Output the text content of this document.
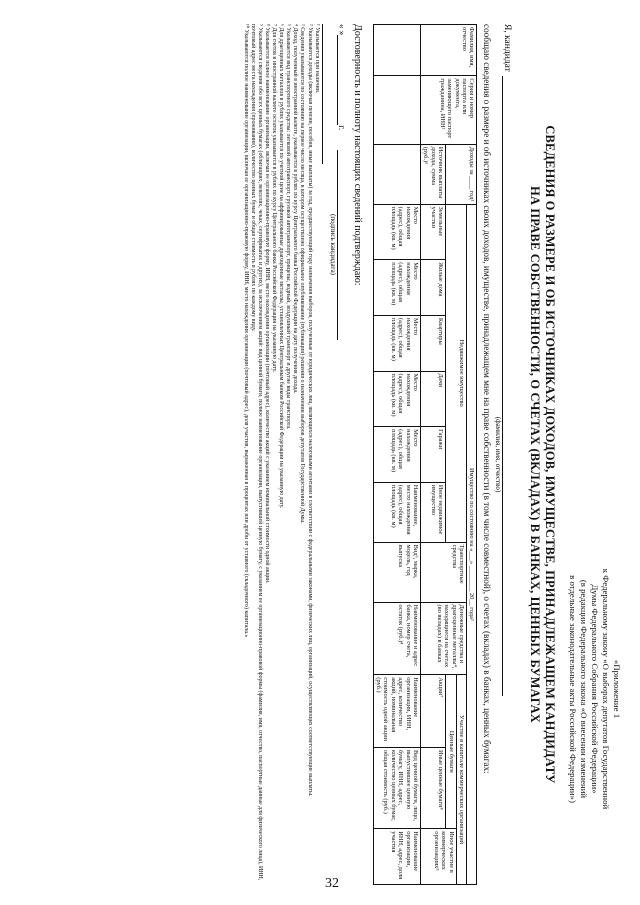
32
«Приложение 1
к Федеральному закону «О выборах депутатов Государственной
Думы Федерального Собрания Российской Федерации»
(в редакции Федерального закона «О внесении изменений
в отдельные законодательные акты Российской Федерации»)
СВЕДЕНИЯ О РАЗМЕРЕ И ОБ ИСТОЧНИКАХ ДОХОДОВ, ИМУЩЕСТВЕ, ПРИНАДЛЕЖАЩЕМ КАНДИДАТУ
НА ПРАВЕ СОБСТВЕННОСТИ, О СЧЕТАХ (ВКЛАДАХ) В БАНКАХ, ЦЕННЫХ БУМАГАХ
Я, кандидат
(фамилия, имя, отчество)
сообщаю сведения о размере и об источниках своих доходов, имуществе, принадлежащем мне на праве собственности (в том числе совместной), о счетах (вкладах) в банках, ценных бумагах:
Фамилия, имя, отчество	Серия и номер паспорта или документа, заменяющего паспорт гражданина, ИНН¹	Доходы за ____ год²	Имущество по состоянию на «___» ________ 20__ года³										
			Недвижимое имущество						Транспортные средства	Денежные средства и драгоценные металлы⁴, находящиеся на счетах (во вкладах) в банках	Участие в капитале коммерческих организаций		
											Ценные бумаги		Иное участие в коммерческих организациях⁹
		Источник выплаты дохода, сумма (руб.)⁵	Земельные участки	Жилые дома	Квартиры	Дачи	Гаражи	Иное недвижимое имущество			Акции⁷	Иные ценные бумаги⁸	
			Место нахождения (адрес), общая площадь (кв. м)	Место нахождения (адрес), общая площадь (кв. м)	Место нахождения (адрес), общая площадь (кв. м)	Место нахождения (адрес), общая площадь (кв. м)	Место нахождения (адрес), общая площадь (кв. м)	Наименование, место нахождения (адрес), общая площадь (кв. м)	Вид⁶, марка, модель, год выпуска	Наименование и адрес банка, номер счета, остаток (руб.)⁴	Наименование организации, ИНН, адрес, количество акций, номинальная стоимость одной акции (руб.)	Вид ценной бумаги, лицо, выпустившее ценную бумагу, ИНН, адрес, количество ценных бумаг, общая стоимость (руб.)	Наименование организации, ИНН, адрес, доля участия
Достоверность и полноту настоящих сведений подтверждаю:
« »
г.
(подпись кандидата)

¹ Указывается при наличии.

² Указываются доходы (включая пенсии, пособия, иные выплаты) за год, предшествующий году назначения выборов, полученные от юридических лиц, являющихся налоговыми агентами в соответствии с федеральными законами, физических лиц, организаций, осуществляющих соответствующие выплаты.

³ Сведения указываются по состоянию на первое число месяца, в котором осуществлено официальное опубликование (публикация) решения о назначении выборов депутатов Государственной Думы.

⁴ Доход, полученный в иностранной валюте, указывается в рублях по курсу Центрального банка Российской Федерации на дату получения дохода.

⁵ Указывается вид транспортного средства: легковой автотранспорт, грузовой автотранспорт, прицепы, водный, воздушный транспорт и другие виды транспорта.

⁶ Для драгоценных металлов в рублях указывается по учетной цене на аффинированные драгоценные металлы, установленных Центральным банком Российской Федерации на указанную дату.

⁷ Для счетов в иностранной валюте остаток указывается в рублях по курсу Центрального банка Российской Федерации на указанную дату.

⁸ Указывается полное наименование организации, включая ее организационно-правовую форму, ИНН, место нахождения организации (почтовый адрес), количество акций с указанием номинальной стоимости одной акции.

⁹ Указываются сведения обо всех ценных бумагах (облигациях, векселях, чеках, сертификатах и других), за исключением акций: вид ценной бумаги, полное наименование организации, выпустившей ценную бумагу, с указанием ее организационно-правовой формы (фамилия, имя, отчество, паспортные данные для физического лица), ИНН, почтовый адрес места нахождения (проживания), количество ценных бумаг и общая стоимость в рублях по каждому виду.

¹⁰ Указываются полное наименование организации, включая ее организационно-правовую форму, ИНН, место нахождения организации (почтовый адрес), доля участия, выраженная в процентах или дроби от уставного (складочного) капитала.»
